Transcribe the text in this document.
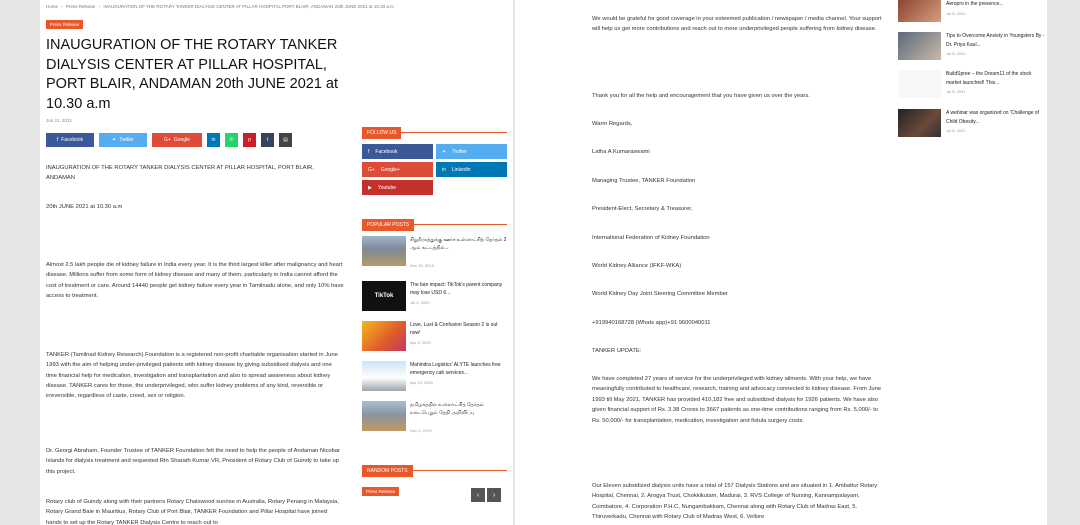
Home › Press Release › INAUGURATION OF THE ROTARY TANKER DIALYSIS CENTER AT PILLAR HOSPITAL PORT BLAIR, ANDAMAN 20th JUNE 2021 at 10.30 a.m
Press Release
INAUGURATION OF THE ROTARY TANKER DIALYSIS CENTER AT PILLAR HOSPITAL, PORT BLAIR, ANDAMAN 20th JUNE 2021 at 10.30 a.m
Jun 21, 2021
f Facebook	✦ Twitter	G+ Google	in	✆	p	t	▤

INAUGURATION OF THE ROTARY TANKER DIALYSIS CENTER AT PILLAR HOSPITAL, PORT BLAIR, ANDAMAN

20th JUNE 2021 at 10.30 a.m

Almost 2.5 lakh people die of kidney failure in India every year. It is the third largest killer after malignancy and heart disease. Millions suffer from some form of kidney disease and many of them, particularly in India cannot afford the cost of treatment or care. Around 14440 people get kidney failure every year in Tamilnadu alone, and only 10% have access to treatment.

TANKER (Tamilnad Kidney Research) Foundation is a registered non-profit charitable organisation started in June 1993 with the aim of helping under-privileged patients with kidney disease by giving subsidised dialysis and one time financial help for medication, investigation and transplantation and also to spread awareness about kidney disease. TANKER cares for those, the underprivileged, who suffer kidney problems of any kind, reversible or irreversible, regardless of caste, creed, sex or religion.

Dr. Georgi Abraham, Founder Trustee of TANKER Foundation felt the need to help the people of Andaman Nicobar Islands for dialysis treatment and requested Rtn Sharath Kumar VR, President of Rotary Club of Guindy to take up this project.

Rotary club of Guindy along with their partners Rotary Chatswood sunrise in Australia, Rotary Penang in Malaysia, Rotary Grand Baie in Mauritius, Rotary Club of Port Blair, TANKER Foundation and Pillar Hospital have joined hands to set up the Rotary TANKER Dialysis Centre to reach out to

FOLLOW US
f Facebook	✦ Twitter
G+ Google+	in Linkedin
▶ Youtube
POPULAR POSTS
சிறுநீரகத்துக்கு ஊர்ச உள்ளாட்சித் தேர்தல் 2 ஆம் கட்டத்தில்...
Dec 30, 2019
TikTok
The ban impact: TikTok's parent company may lose USD 6...
Jul 2, 2020
Love, Lust & Confusion Season 2 is out now!
Apr 9, 2019
Mahindra Logistics' ALYTE launches free emergency cab services...
Apr 19, 2020
தமிழகத்தில் உள்ளாட்சித் தேர்தல் நடைபெறும் தேதி அறிவிப்பு
Dec 2, 2019
RANDOM POSTS
Press Release	‹	›

We would be grateful for good coverage in your esteemed publication / newspaper / media channel. Your support will help us get more contributions and reach out to more underprivileged people suffering from kidney disease.

Thank you for all the help and encouragement that you have given us over the years.

Warm Regards,

Latha A Kumaraswami

Managing Trustee, TANKER Foundation

President-Elect, Secretary & Treasurer,

International Federation of Kidney Foundation

World Kidney Alliance (IFKF-WKA)

World Kidney Day Joint Steering Committee Member

+919940168728 (Whats app)+91 9600040011

TANKER UPDATE:

We have completed 27 years of service for the underprivileged with kidney ailments. With your help, we have meaningfully contributed to healthcare, research, training and advocacy connected to kidney disease. From June 1993 till May 2021, TANKER has provided 410,182 free and subsidized dialysis for 1926 patients. We have also given financial support of Rs. 3.38 Crores to 3667 patients as one-time contributions ranging from Rs. 5,000/- to Rs. 50,000/- for transplantation, medication, investigation and fistula surgery costs.

Our Eleven subsidized dialysis units have a total of 157 Dialysis Stations and are situated in 1. Ambattur Rotary Hospital, Chennai, 2. Arogya Trust, Chokkikulam, Madurai, 3. RVS College of Nursing, Kannampalayam, Coimbatore, 4. Corporation P.H.C, Nungambakkam, Chennai along with Rotary Club of Madras East, 5. Thiruverkadu, Chennai with Rotary Club of Madras West, 6. Vellore

Aeropro in the presence...
Jul 5, 2021
Tips to Overcome Anxiety in Youngsters By - Dr. Priya Kaul...
Jul 5, 2021
BuildSpree – the Dream11 of the stock market launched! This...
Jul 5, 2021
A webinar was organized on 'Challenge of Child Obesity...
Jul 5, 2021
